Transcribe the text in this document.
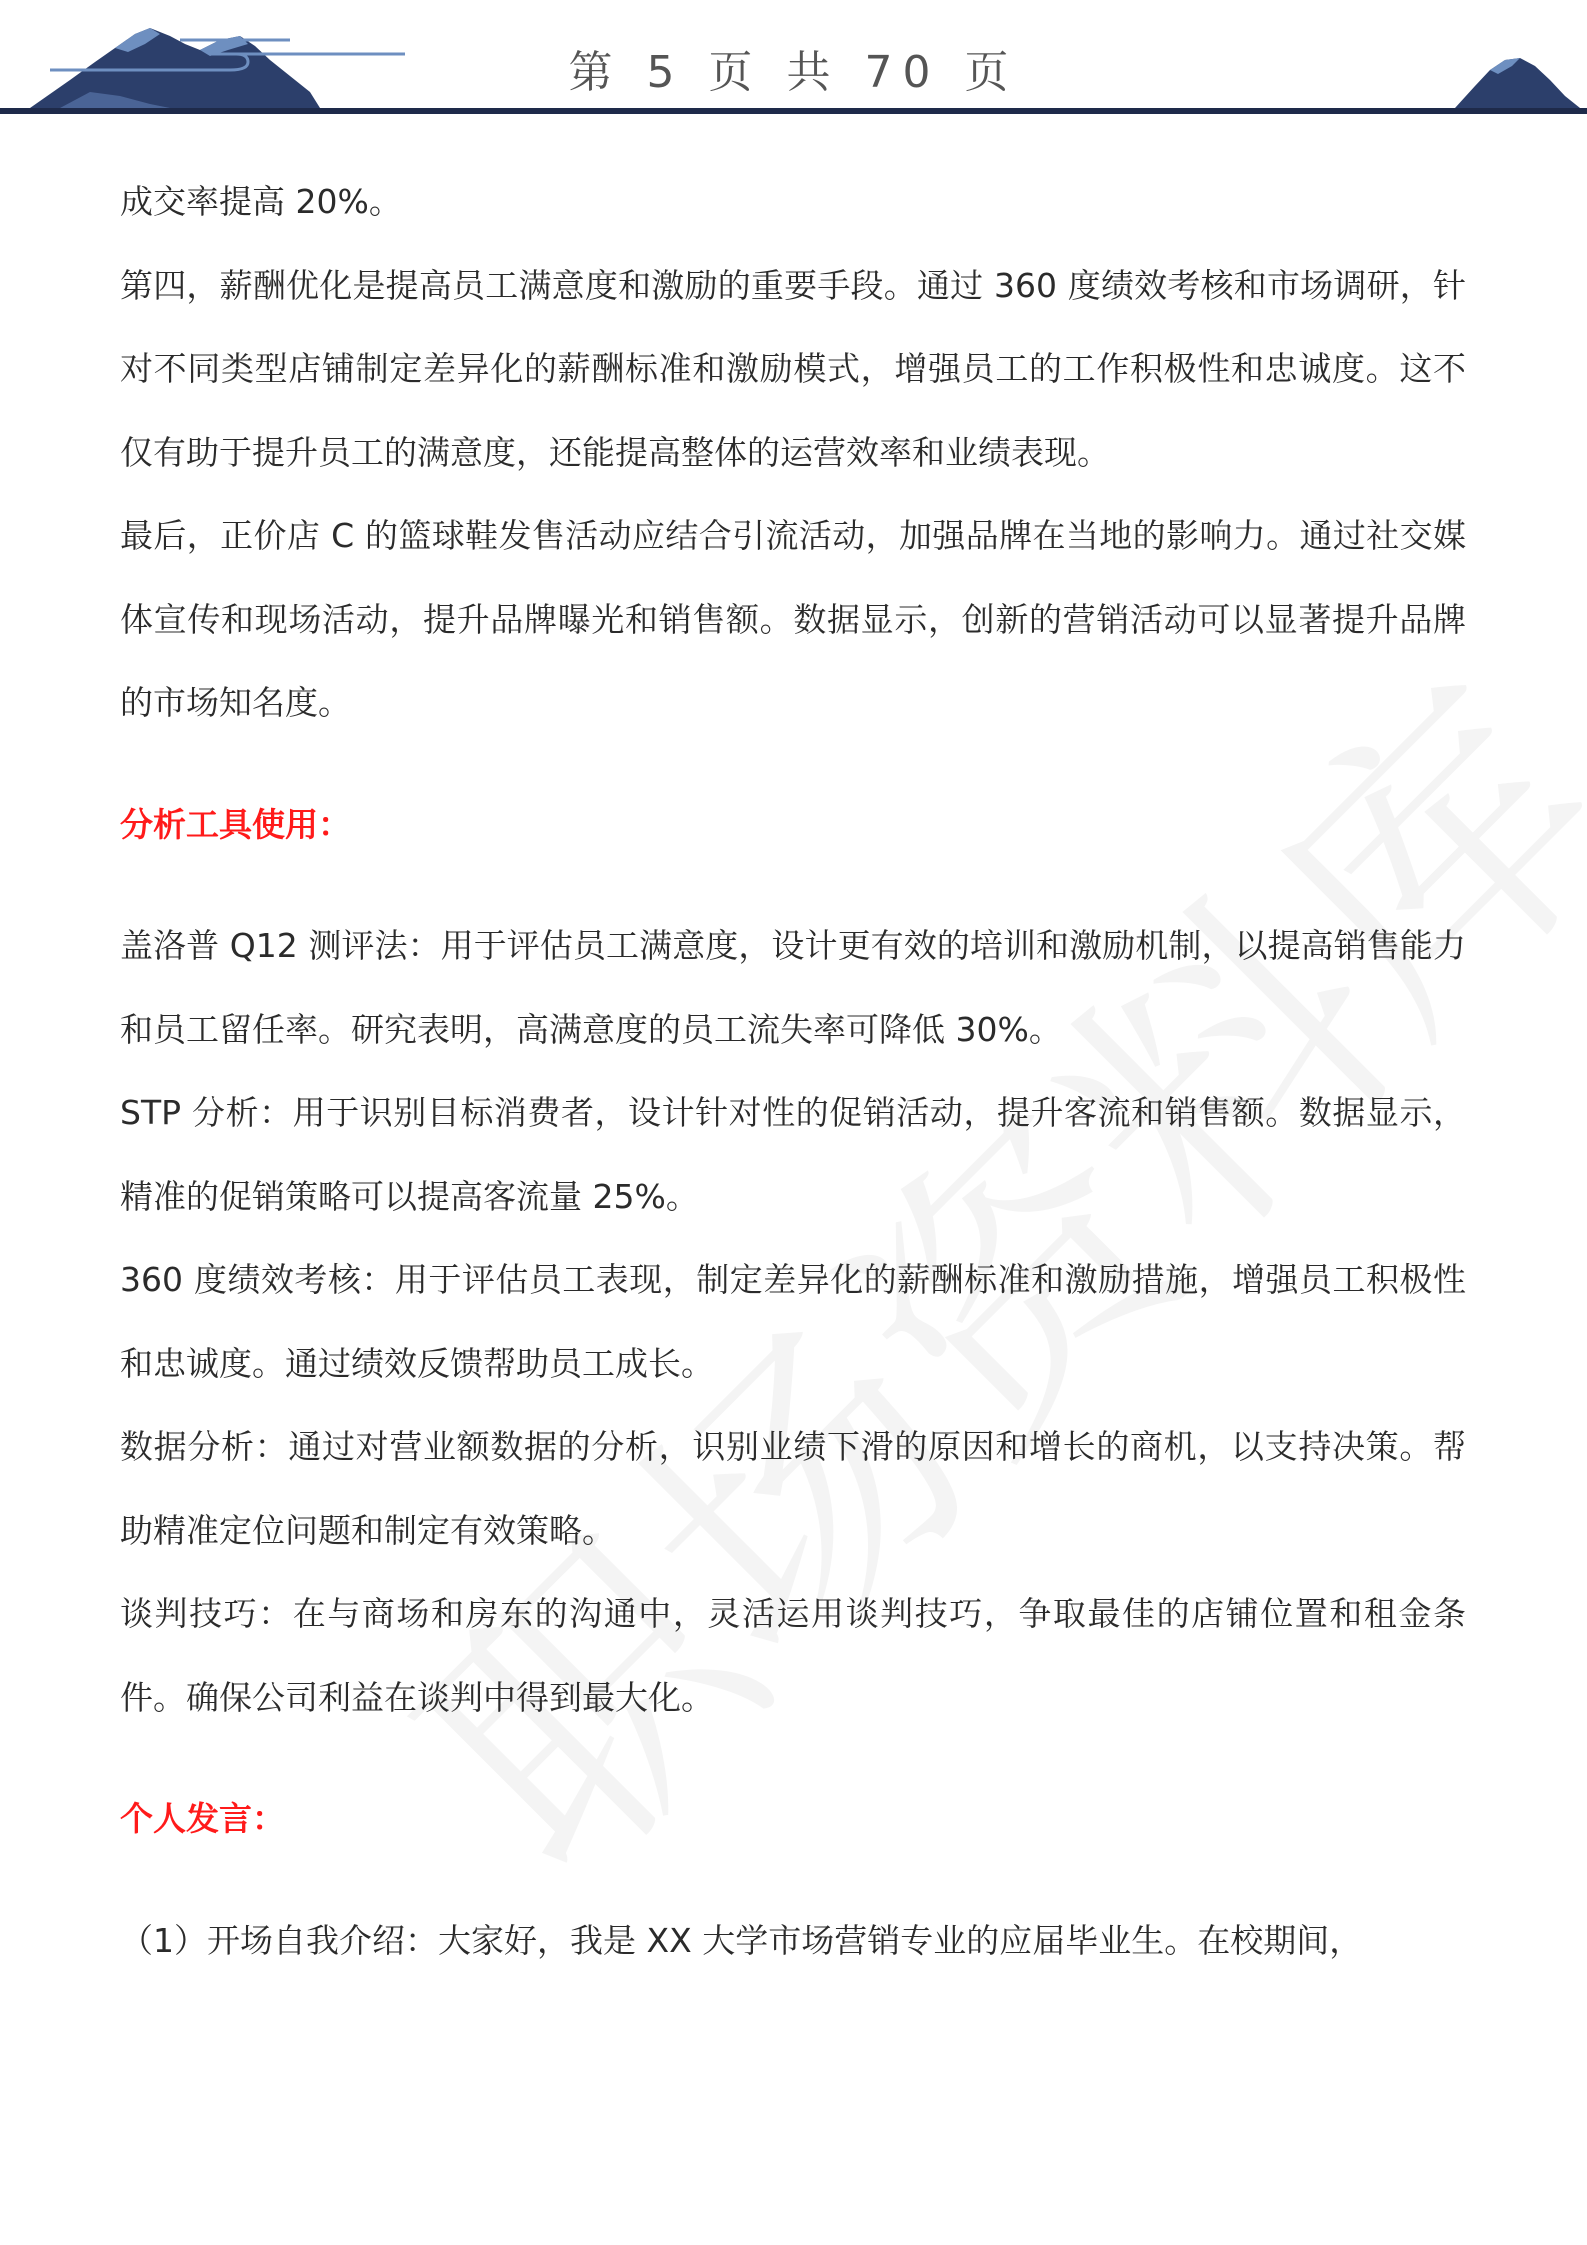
第 5 页 共 70 页

成交率提高 20%。

第四，薪酬优化是提高员工满意度和激励的重要手段。通过 360 度绩效考核和市场调研，针对不同类型店铺制定差异化的薪酬标准和激励模式，增强员工的工作积极性和忠诚度。这不仅有助于提升员工的满意度，还能提高整体的运营效率和业绩表现。

最后，正价店 C 的篮球鞋发售活动应结合引流活动，加强品牌在当地的影响力。通过社交媒体宣传和现场活动，提升品牌曝光和销售额。数据显示，创新的营销活动可以显著提升品牌的市场知名度。

分析工具使用：

盖洛普 Q12 测评法：用于评估员工满意度，设计更有效的培训和激励机制，以提高销售能力和员工留任率。研究表明，高满意度的员工流失率可降低 30%。

STP 分析：用于识别目标消费者，设计针对性的促销活动，提升客流和销售额。数据显示，精准的促销策略可以提高客流量 25%。

360 度绩效考核：用于评估员工表现，制定差异化的薪酬标准和激励措施，增强员工积极性和忠诚度。通过绩效反馈帮助员工成长。

数据分析：通过对营业额数据的分析，识别业绩下滑的原因和增长的商机，以支持决策。帮助精准定位问题和制定有效策略。

谈判技巧：在与商场和房东的沟通中，灵活运用谈判技巧，争取最佳的店铺位置和租金条件。确保公司利益在谈判中得到最大化。

个人发言：

（1）开场自我介绍：大家好，我是 XX 大学市场营销专业的应届毕业生。在校期间，
